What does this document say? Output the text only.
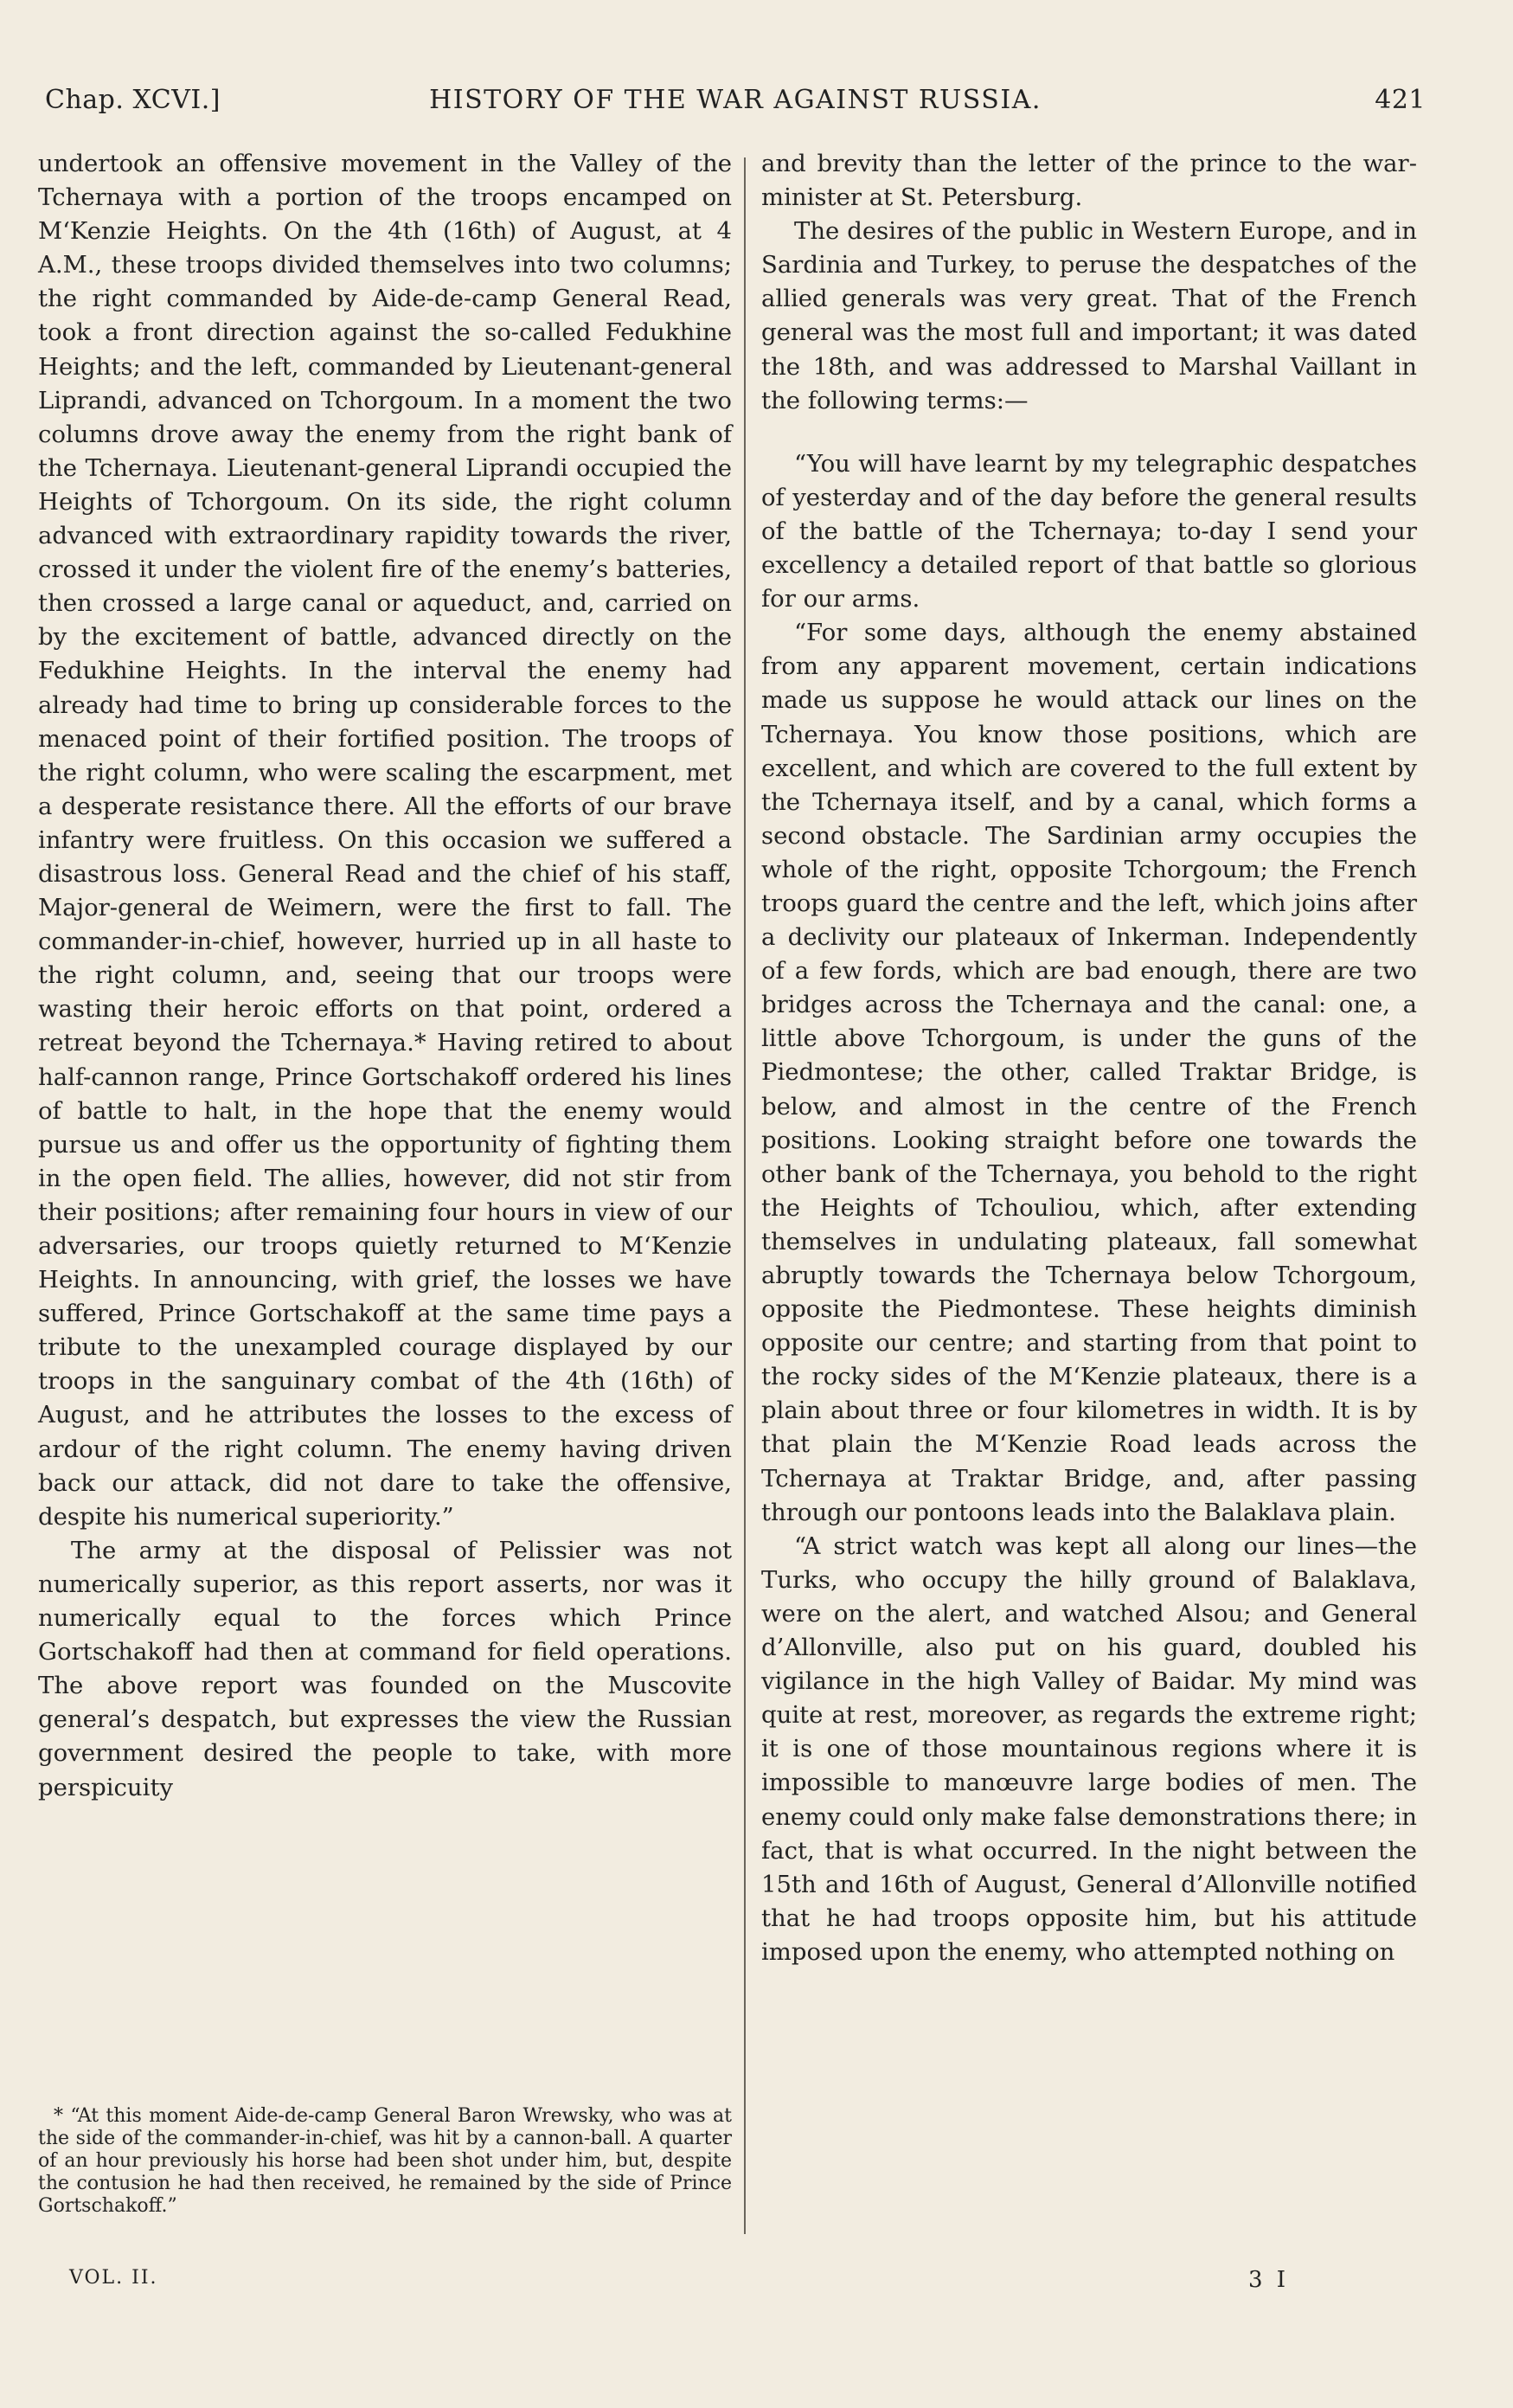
Chap. XCVI.]	HISTORY OF THE WAR AGAINST RUSSIA.	421

undertook an offensive movement in the Valley of the Tchernaya with a portion of the troops encamped on M‘Kenzie Heights. On the 4th (16th) of August, at 4 A.M., these troops divided themselves into two columns; the right commanded by Aide-de-camp General Read, took a front direction against the so-called Fedukhine Heights; and the left, commanded by Lieutenant-general Liprandi, advanced on Tchorgoum. In a moment the two columns drove away the enemy from the right bank of the Tchernaya. Lieutenant-general Liprandi occupied the Heights of Tchorgoum. On its side, the right column advanced with extraordinary rapidity towards the river, crossed it under the violent fire of the enemy’s batteries, then crossed a large canal or aqueduct, and, carried on by the excitement of battle, advanced directly on the Fedukhine Heights. In the interval the enemy had already had time to bring up considerable forces to the menaced point of their fortified position. The troops of the right column, who were scaling the escarpment, met a desperate resistance there. All the efforts of our brave infantry were fruitless. On this occasion we suffered a disastrous loss. General Read and the chief of his staff, Major-general de Weimern, were the first to fall. The commander-in-chief, however, hurried up in all haste to the right column, and, seeing that our troops were wasting their heroic efforts on that point, ordered a retreat beyond the Tchernaya.* Having retired to about half-cannon range, Prince Gortschakoff ordered his lines of battle to halt, in the hope that the enemy would pursue us and offer us the opportunity of fighting them in the open field. The allies, however, did not stir from their positions; after remaining four hours in view of our adversaries, our troops quietly returned to M‘Kenzie Heights. In announcing, with grief, the losses we have suffered, Prince Gortschakoff at the same time pays a tribute to the unexampled courage displayed by our troops in the sanguinary combat of the 4th (16th) of August, and he attributes the losses to the excess of ardour of the right column. The enemy having driven back our attack, did not dare to take the offensive, despite his numerical superiority.”

The army at the disposal of Pelissier was not numerically superior, as this report asserts, nor was it numerically equal to the forces which Prince Gortschakoff had then at command for field operations. The above report was founded on the Muscovite general’s despatch, but expresses the view the Russian government desired the people to take, with more perspicuity

and brevity than the letter of the prince to the war-minister at St. Petersburg.

The desires of the public in Western Europe, and in Sardinia and Turkey, to peruse the despatches of the allied generals was very great. That of the French general was the most full and important; it was dated the 18th, and was addressed to Marshal Vaillant in the following terms:—

“You will have learnt by my telegraphic despatches of yesterday and of the day before the general results of the battle of the Tchernaya; to-day I send your excellency a detailed report of that battle so glorious for our arms.

“For some days, although the enemy abstained from any apparent movement, certain indications made us suppose he would attack our lines on the Tchernaya. You know those positions, which are excellent, and which are covered to the full extent by the Tchernaya itself, and by a canal, which forms a second obstacle. The Sardinian army occupies the whole of the right, opposite Tchorgoum; the French troops guard the centre and the left, which joins after a declivity our plateaux of Inkerman. Independently of a few fords, which are bad enough, there are two bridges across the Tchernaya and the canal: one, a little above Tchorgoum, is under the guns of the Piedmontese; the other, called Traktar Bridge, is below, and almost in the centre of the French positions. Looking straight before one towards the other bank of the Tchernaya, you behold to the right the Heights of Tchouliou, which, after extending themselves in undulating plateaux, fall somewhat abruptly towards the Tchernaya below Tchorgoum, opposite the Piedmontese. These heights diminish opposite our centre; and starting from that point to the rocky sides of the M‘Kenzie plateaux, there is a plain about three or four kilometres in width. It is by that plain the M‘Kenzie Road leads across the Tchernaya at Traktar Bridge, and, after passing through our pontoons leads into the Balaklava plain.

“A strict watch was kept all along our lines—the Turks, who occupy the hilly ground of Balaklava, were on the alert, and watched Alsou; and General d’Allonville, also put on his guard, doubled his vigilance in the high Valley of Baidar. My mind was quite at rest, moreover, as regards the extreme right; it is one of those mountainous regions where it is impossible to manœuvre large bodies of men. The enemy could only make false demonstrations there; in fact, that is what occurred. In the night between the 15th and 16th of August, General d’Allonville notified that he had troops opposite him, but his attitude imposed upon the enemy, who attempted nothing on

* “At this moment Aide-de-camp General Baron Wrewsky, who was at the side of the commander-in-chief, was hit by a cannon-ball. A quarter of an hour previously his horse had been shot under him, but, despite the contusion he had then received, he remained by the side of Prince Gortschakoff.”

VOL. II.	3 I
